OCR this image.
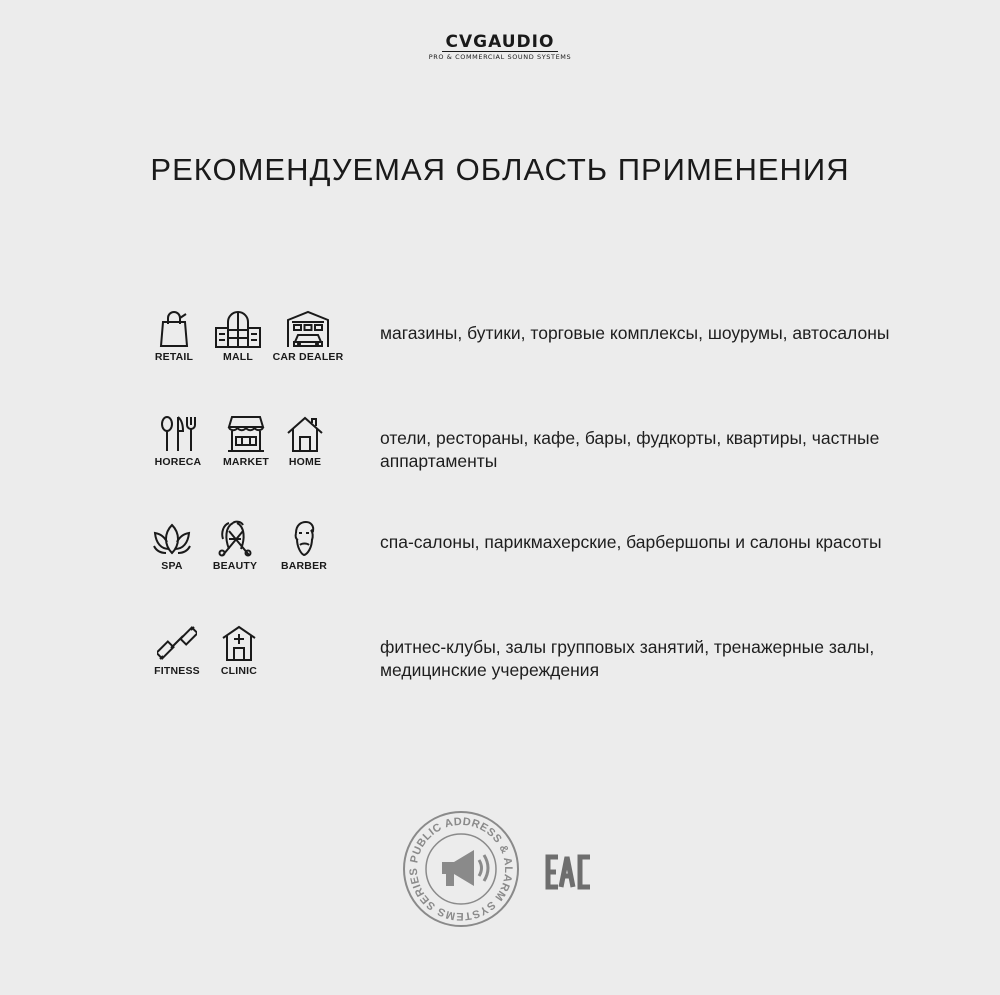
CVGAUDIO
PRO & COMMERCIAL SOUND SYSTEMS
РЕКОМЕНДУЕМАЯ ОБЛАСТЬ ПРИМЕНЕНИЯ
RETAIL	MALL	CAR DEALER

магазины, бутики, торговые комплексы, шоурумы, автосалоны

HORECA	MARKET	HOME

отели, рестораны, кафе, бары, фудкорты, квартиры, частные аппартаменты

SPA	BEAUTY	BARBER

спа-салоны, парикмахерские, барбершопы и салоны красоты

FITNESS	CLINIC

фитнес-клубы, залы групповых занятий, тренажерные залы, медицинские учереждения

PUBLIC ADDRESS & ALARM SYSTEMS SERIES
EAC
